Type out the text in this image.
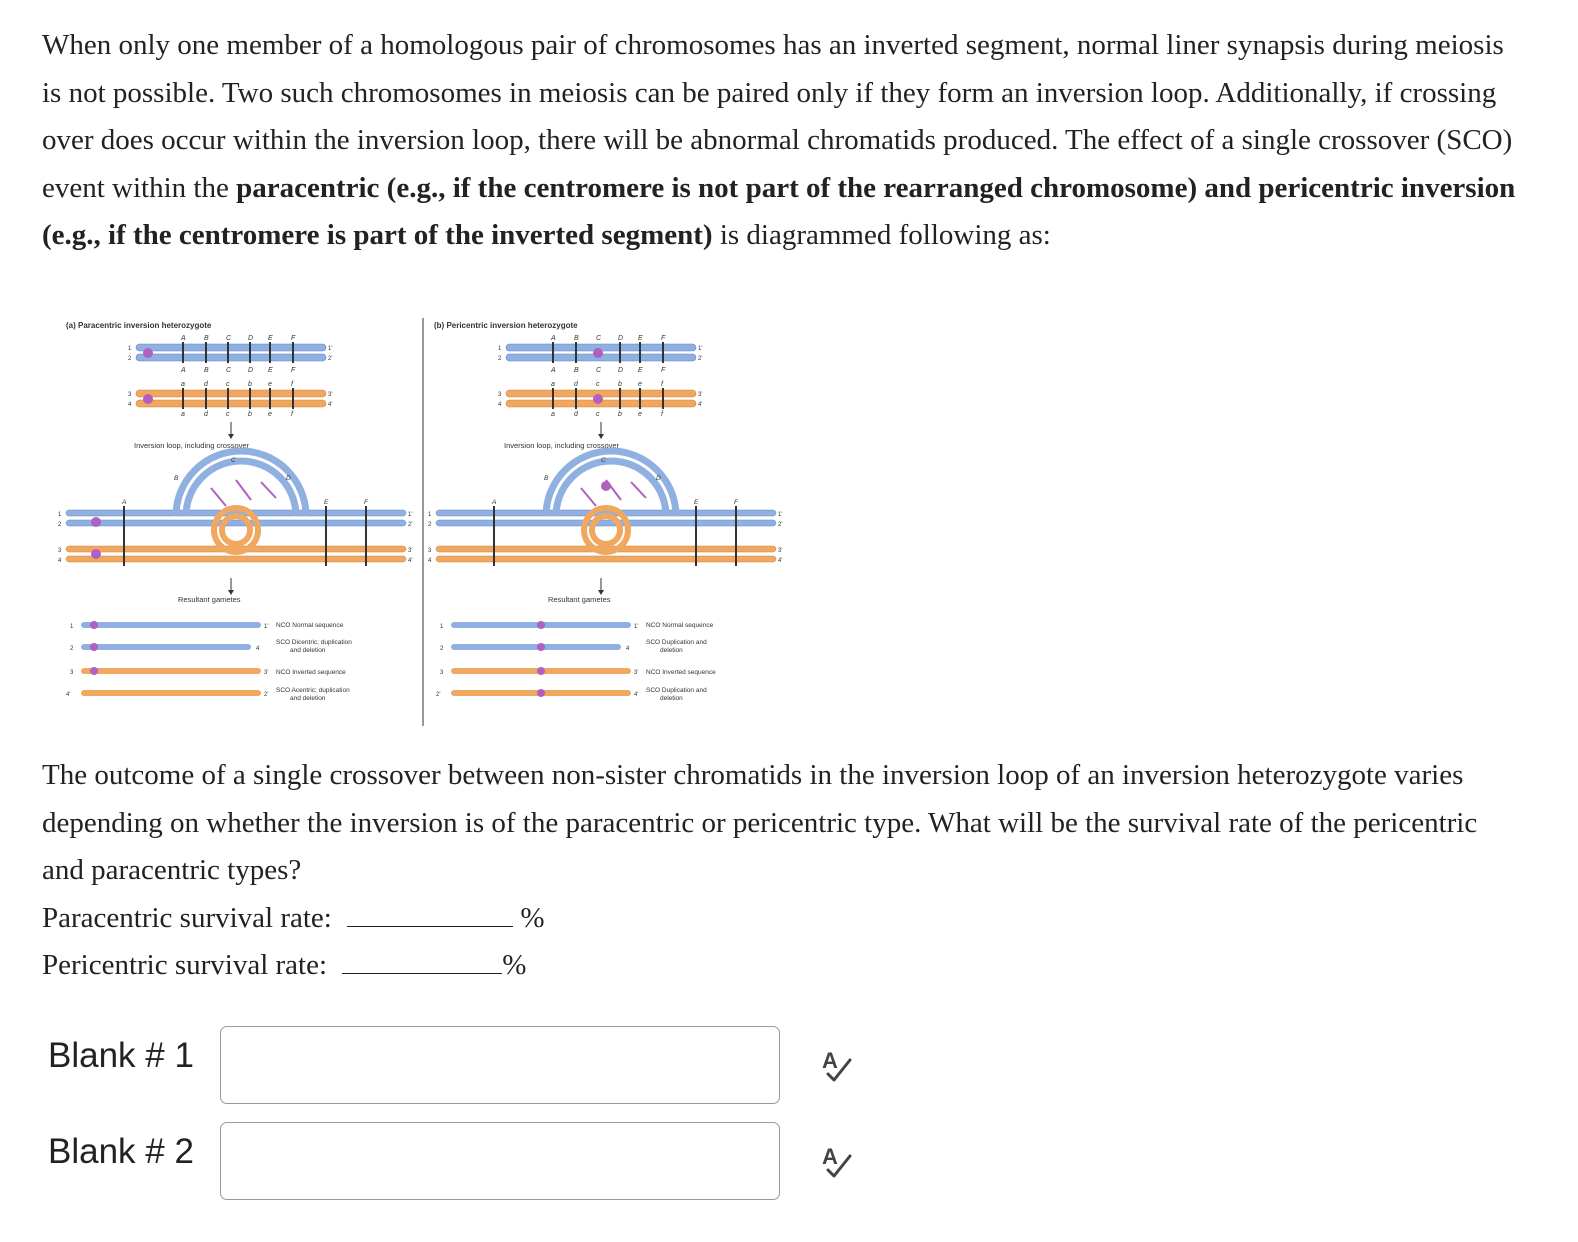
When only one member of a homologous pair of chromosomes has an inverted segment, normal liner synapsis during meiosis is not possible. Two such chromosomes in meiosis can be paired only if they form an inversion loop. Additionally, if crossing over does occur within the inversion loop, there will be abnormal chromatids produced. The effect of a single crossover (SCO) event within the paracentric (e.g., if the centromere is not part of the rearranged chromosome) and pericentric inversion (e.g., if the centromere is part of the inverted segment) is diagrammed following as:
(a) Paracentric inversion heterozygote
A	B C D E	F
A	B C D E	F
a	d	c	b e	f
a	d	c	b e	f
1
2
3
4
1'
2'
3'
4'
Inversion loop, including crossover
A
B
C
D
E	F
1
2
3
4
1'
2'
3'
4'
Resultant gametes
1
2
3
4'
1'
4
3'
2'
NCO Normal sequence
SCO Dicentric; duplication
and deletion
NCO Inverted sequence
SCO Acentric; duplication
and deletion
(b) Pericentric inversion heterozygote
A	B C D E	F
A	B C D E	F
a	d	c	b e	f
a	d	c	b e	f
1
2
3
4
1'
2'
3'
4'
Inversion loop, including crossover
A
B
C
D
E	F
1
2
3
4
1'
2'
3'
4'
Resultant gametes
1
2
3
2'
1'
4
3'
4'
NCO Normal sequence
SCO Duplication and
deletion
NCO Inverted sequence
SCO Duplication and
deletion
The outcome of a single crossover between non-sister chromatids in the inversion loop of an inversion heterozygote varies depending on whether the inversion is of the paracentric or pericentric type. What will be the survival rate of the pericentric and paracentric types?
Paracentric survival rate:	%
Pericentric survival rate:	%
Blank # 1	A
Blank # 2	A
